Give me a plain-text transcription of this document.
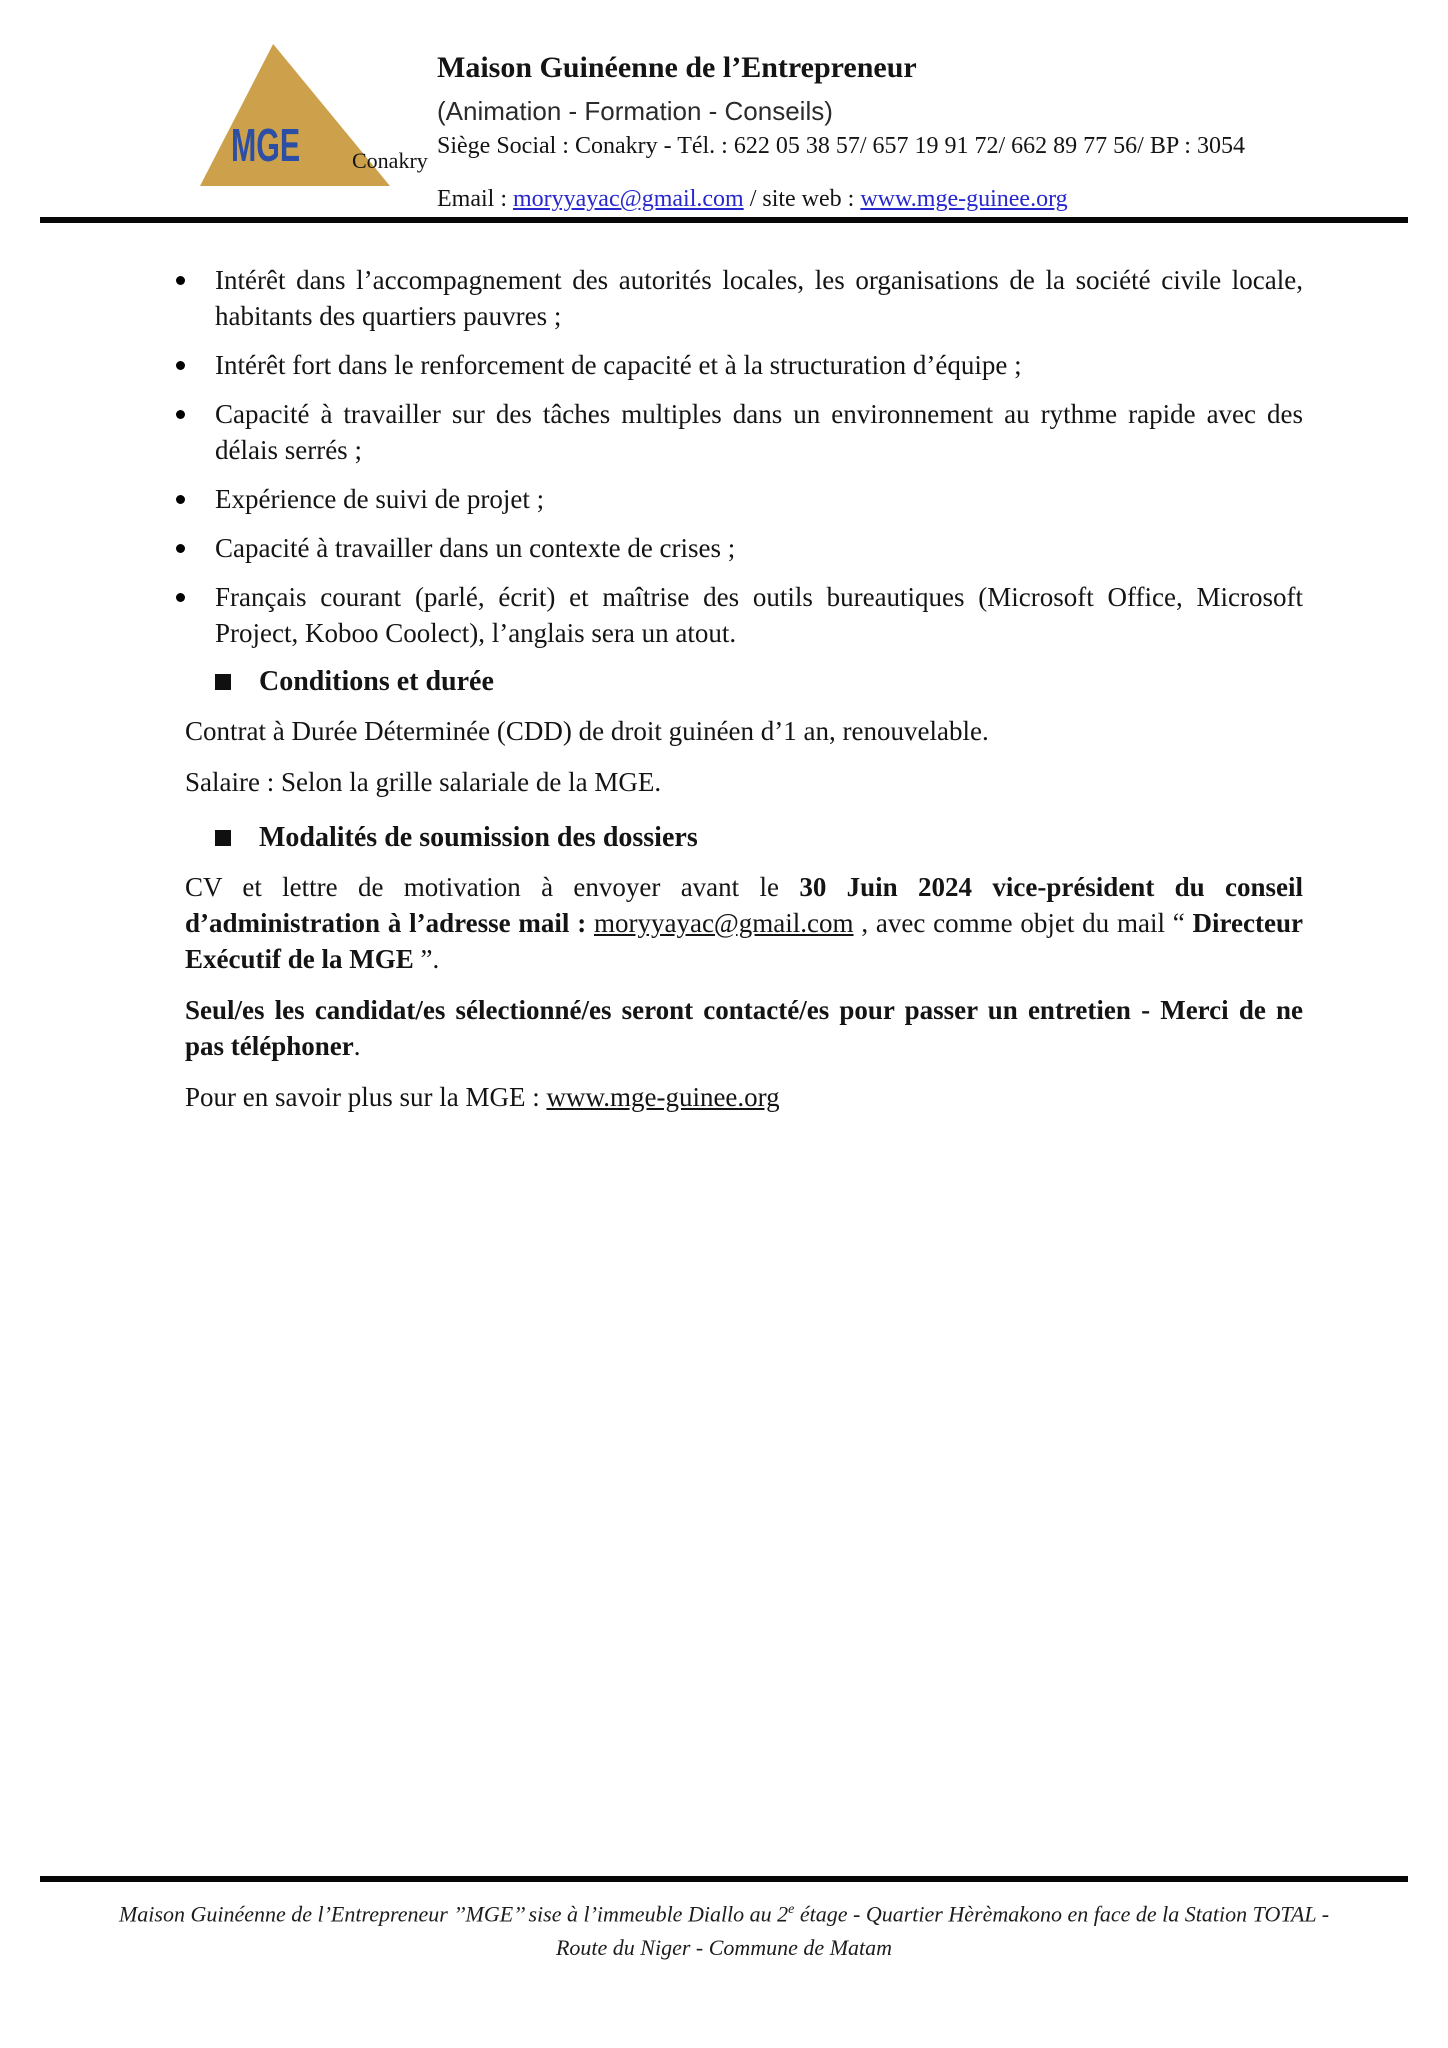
MGE Conakry
Maison Guinéenne de l’Entrepreneur
(Animation - Formation - Conseils)
Siège Social : Conakry - Tél. : 622 05 38 57/ 657 19 91 72/ 662 89 77 56/ BP : 3054
Email : moryyayac@gmail.com / site web : www.mge-guinee.org
Intérêt dans l’accompagnement des autorités locales, les organisations de la société civile locale, habitants des quartiers pauvres ;
Intérêt fort dans le renforcement de capacité et à la structuration d’équipe ;
Capacité à travailler sur des tâches multiples dans un environnement au rythme rapide avec des délais serrés ;
Expérience de suivi de projet ;
Capacité à travailler dans un contexte de crises ;
Français courant (parlé, écrit) et maîtrise des outils bureautiques (Microsoft Office, Microsoft Project, Koboo Coolect), l’anglais sera un atout.
Conditions et durée

Contrat à Durée Déterminée (CDD) de droit guinéen d’1 an, renouvelable.

Salaire : Selon la grille salariale de la MGE.

Modalités de soumission des dossiers

CV et lettre de motivation à envoyer avant le 30 Juin 2024 vice-président du conseil d’administration à l’adresse mail : moryyayac@gmail.com , avec comme objet du mail “ Directeur Exécutif de la MGE ”.

Seul/es les candidat/es sélectionné/es seront contacté/es pour passer un entretien - Merci de ne pas téléphoner.

Pour en savoir plus sur la MGE : www.mge-guinee.org

Maison Guinéenne de l’Entrepreneur ’’MGE’’ sise à l’immeuble Diallo au 2e étage - Quartier Hèrèmakono en face de la Station TOTAL -
Route du Niger - Commune de Matam
